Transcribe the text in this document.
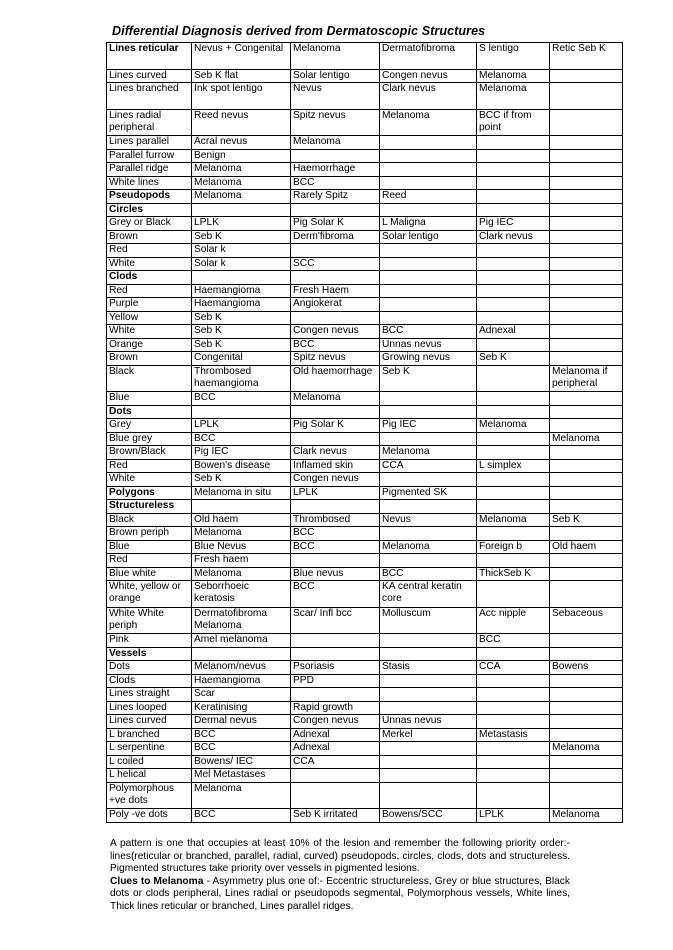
Differential Diagnosis derived from Dermatoscopic Structures
Lines reticular	Nevus + Congenital	Melanoma	Dermatofibroma	S lentigo	Retic Seb K
Lines curved	Seb K flat	Solar lentigo	Congen nevus	Melanoma	
Lines branched	Ink spot lentigo	Nevus	Clark nevus	Melanoma	
Lines radial peripheral	Reed nevus	Spitz nevus	Melanoma	BCC if from point	
Lines parallel	Acral nevus	Melanoma			
Parallel furrow	Benign				
Parallel ridge	Melanoma	Haemorrhage			
White lines	Melanoma	BCC			
Pseudopods	Melanoma	Rarely Spitz	Reed		
Circles					
Grey or Black	LPLK	Pig Solar K	L Maligna	Pig IEC	
Brown	Seb K	Derm'fibroma	Solar lentigo	Clark nevus	
Red	Solar k				
White	Solar k	SCC			
Clods					
Red	Haemangioma	Fresh Haem			
Purple	Haemangioma	Angiokerat			
Yellow	Seb K				
White	Seb K	Congen nevus	BCC	Adnexal	
Orange	Seb K	BCC	Unnas nevus		
Brown	Congenital	Spitz nevus	Growing nevus	Seb K	
Black	Thrombosed haemangioma	Old haemorrhage	Seb K		Melanoma if peripheral
Blue	BCC	Melanoma			
Dots					
Grey	LPLK	Pig Solar K	Pig IEC	Melanoma	
Blue grey	BCC				Melanoma
Brown/Black	Pig IEC	Clark nevus	Melanoma		
Red	Bowen's disease	Inflamed skin	CCA	L simplex	
White	Seb K	Congen nevus			
Polygons	Melanoma in situ	LPLK	Pigmented SK		
Structureless					
Black	Old haem	Thrombosed	Nevus	Melanoma	Seb K
Brown periph	Melanoma	BCC			
Blue	Blue Nevus	BCC	Melanoma	Foreign b	Old haem
Red	Fresh haem				
Blue white	Melanoma	Blue nevus	BCC	ThickSeb K	
White, yellow or orange	Seborrhoeic keratosis	BCC	KA central keratin core		
White White periph	Dermatofibroma Melanoma	Scar/ Infl bcc	Molluscum	Acc nipple	Sebaceous
Pink	Amel melanoma			BCC	
Vessels					
Dots	Melanom/nevus	Psoriasis	Stasis	CCA	Bowens
Clods	Haemangioma	PPD			
Lines straight	Scar				
Lines looped	Keratinising	Rapid growth			
Lines curved	Dermal nevus	Congen nevus	Unnas nevus		
L branched	BCC	Adnexal	Merkel	Metastasis	
L serpentine	BCC	Adnexal			Melanoma
L coiled	Bowens/ IEC	CCA			
L helical	Mel Metastases				
Polymorphous +ve dots	Melanoma				
Poly -ve dots	BCC	Seb K irritated	Bowens/SCC	LPLK	Melanoma

A pattern is one that occupies at least 10% of the lesion and remember the following priority order:- lines(reticular or branched, parallel, radial, curved) pseudopods, circles, clods, dots and structureless. Pigmented structures take priority over vessels in pigmented lesions.

Clues to Melanoma - Asymmetry plus one of:- Eccentric structureless, Grey or blue structures, Black dots or clods peripheral, Lines radial or pseudopods segmental, Polymorphous vessels, White lines, Thick lines reticular or branched, Lines parallel ridges.
